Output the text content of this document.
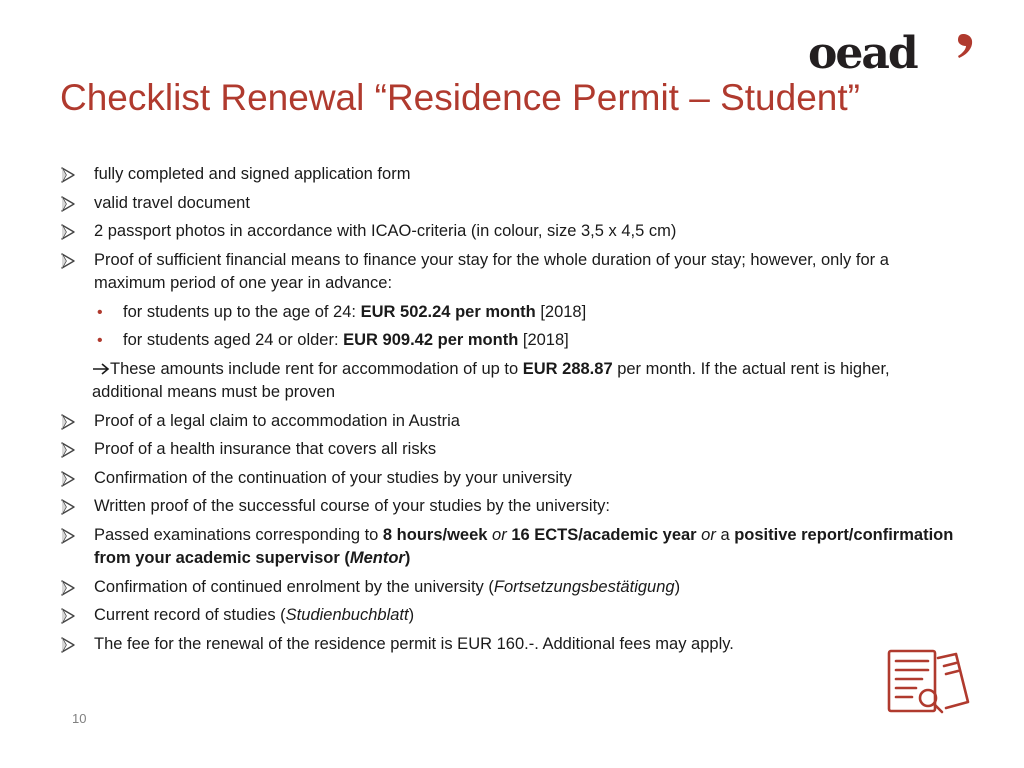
oead
Checklist Renewal “Residence Permit – Student”
fully completed and signed application form
valid travel document
2 passport photos in accordance with ICAO-criteria (in colour, size 3,5 x 4,5 cm)
Proof of sufficient financial means to finance your stay for the whole duration of your stay; however, only for a maximum period of one year in advance:
• for students up to the age of 24: EUR 502.24 per month [2018]
• for students aged 24 or older: EUR 909.42 per month [2018]
These amounts include rent for accommodation of up to EUR 288.87 per month. If the actual rent is higher, additional means must be proven
Proof of a legal claim to accommodation in Austria
Proof of a health insurance that covers all risks
Confirmation of the continuation of your studies by your university
Written proof of the successful course of your studies by the university:
Passed examinations corresponding to 8 hours/week or 16 ECTS/academic year or a positive report/confirmation from your academic supervisor (Mentor)
Confirmation of continued enrolment by the university (Fortsetzungsbestätigung)
Current record of studies (Studienbuchblatt)
The fee for the renewal of the residence permit is EUR 160.-. Additional fees may apply.
10
